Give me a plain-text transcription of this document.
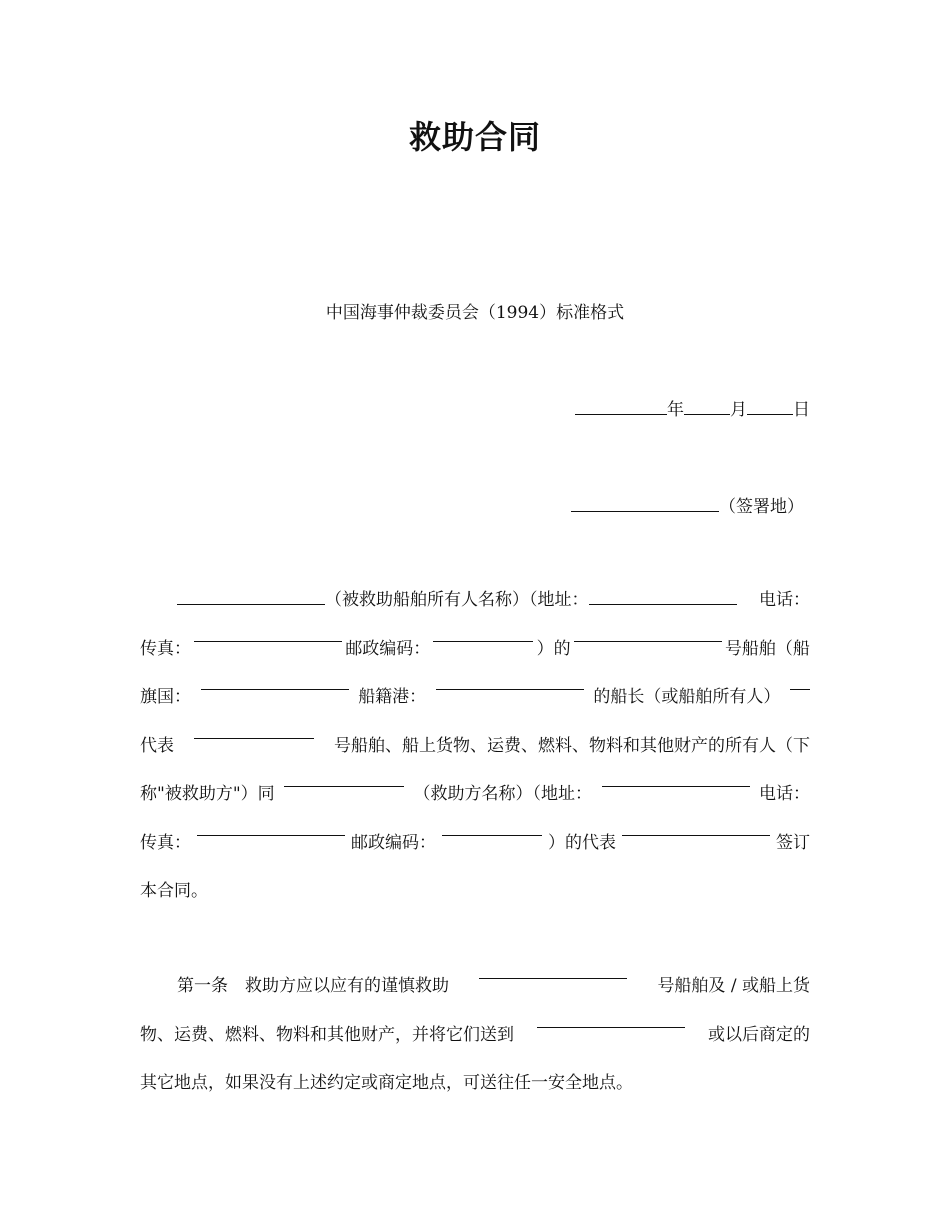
救助合同
中国海事仲裁委员会（1994）标准格式
年	月	日
（签署地）
（被救助船舶所有人名称）（地址：	电话：
传真：	邮政编码：	）的	号船舶（船
旗国：	船籍港：	的船长（或船舶所有人）
代表	号船舶、船上货物、运费、燃料、物料和其他财产的所有人（下
称"被救助方"）同	（救助方名称）（地址：	电话：
传真：	邮政编码：	）的代表	签订
本合同。
第一条　救助方应以应有的谨慎救助	号船舶及 / 或船上货
物、运费、燃料、物料和其他财产，并将它们送到	或以后商定的
其它地点，如果没有上述约定或商定地点，可送往任一安全地点。
